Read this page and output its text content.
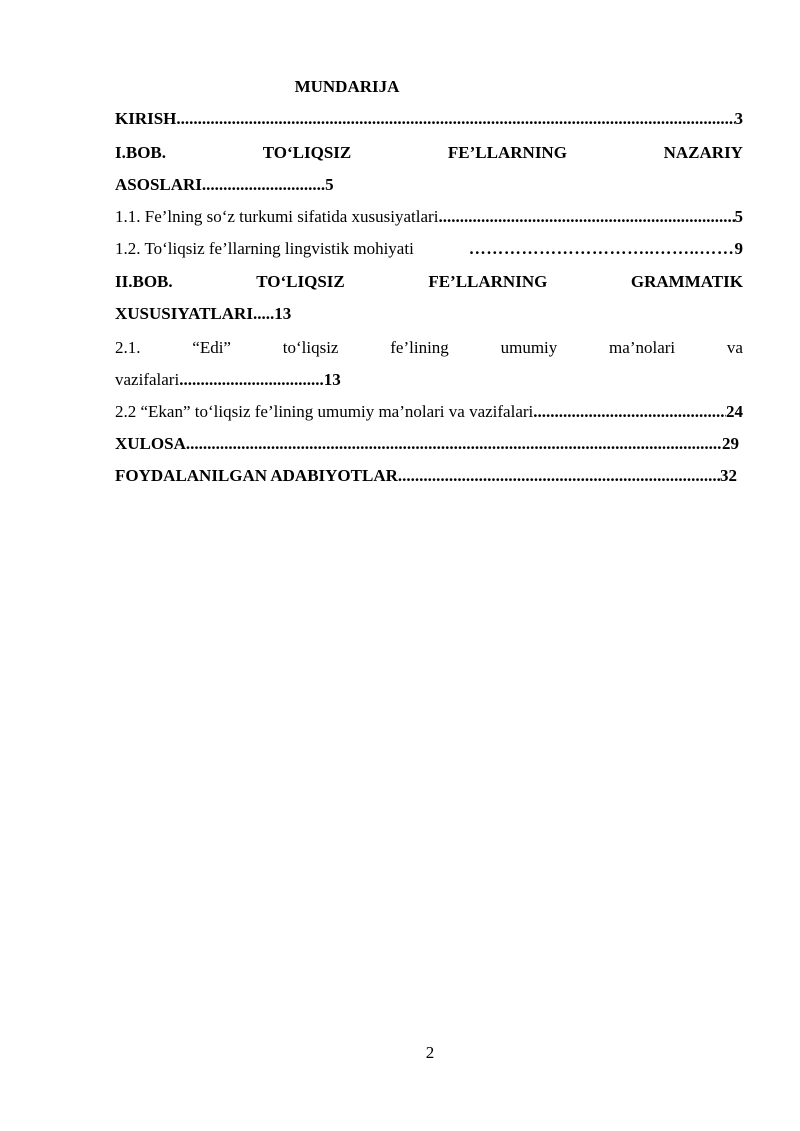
MUNDARIJA
KIRISH .....	3
I.BOB.	TO‘LIQSIZ	FE’LLARNING	NAZARIY
ASOSLARI.............................5
1.1. Fe’lning so‘z turkumi sifatida xususiyatlari .....	5
1.2. To‘liqsiz fe’llarning lingvistik mohiyati	…………………………..……..…… 9
II.BOB.	TO‘LIQSIZ	FE’LLARNING	GRAMMATIK
XUSUSIYATLARI.....13
2.1.	“Edi”	to‘liqsiz	fe’lining	umumiy	ma’nolari	va
vazifalari..................................13
2.2 “Ekan” to‘liqsiz fe’lining umumiy ma’nolari va vazifalari .....	24
XULOSA .....	29
FOYDALANILGAN ADABIYOTLAR .....	32
2
